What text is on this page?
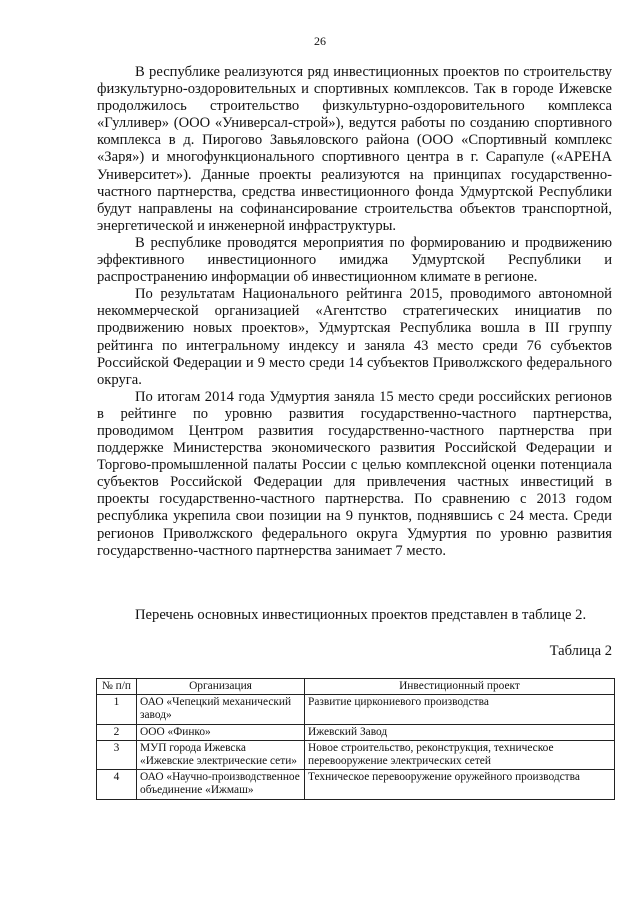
26

В республике реализуются ряд инвестиционных проектов по строительству физкультурно-оздоровительных и спортивных комплексов. Так в городе Ижевске продолжилось строительство физкультурно-оздоровительного комплекса «Гулливер» (ООО «Универсал-строй»), ведутся работы по созданию спортивного комплекса в д. Пирогово Завьяловского района (ООО «Спортивный комплекс «Заря») и многофункционального спортивного центра в г. Сарапуле («АРЕНА Университет»). Данные проекты реализуются на принципах государственно-частного партнерства, средства инвестиционного фонда Удмуртской Республики будут направлены на софинансирование строительства объектов транспортной, энергетической и инженерной инфраструктуры.

В республике проводятся мероприятия по формированию и продвижению эффективного инвестиционного имиджа Удмуртской Республики и распространению информации об инвестиционном климате в регионе.

По результатам Национального рейтинга 2015, проводимого автономной некоммерческой организацией «Агентство стратегических инициатив по продвижению новых проектов», Удмуртская Республика вошла в III группу рейтинга по интегральному индексу и заняла 43 место среди 76 субъектов Российской Федерации и 9 место среди 14 субъектов Приволжского федерального округа.

По итогам 2014 года Удмуртия заняла 15 место среди российских регионов в рейтинге по уровню развития государственно-частного партнерства, проводимом Центром развития государственно-частного партнерства при поддержке Министерства экономического развития Российской Федерации и Торгово-промышленной палаты России с целью комплексной оценки потенциала субъектов Российской Федерации для привлечения частных инвестиций в проекты государственно-частного партнерства. По сравнению с 2013 годом республика укрепила свои позиции на 9 пунктов, поднявшись с 24 места. Среди регионов Приволжского федерального округа Удмуртия по уровню развития государственно-частного партнерства занимает 7 место.

Перечень основных инвестиционных проектов представлен в таблице 2.

Таблица 2

№ п/п	Организация	Инвестиционный проект
1	ОАО «Чепецкий механический завод»	Развитие циркониевого производства
2	ООО «Финко»	Ижевский Завод
3	МУП города Ижевска «Ижевские электрические сети»	Новое строительство, реконструкция, техническое перевооружение электрических сетей
4	ОАО «Научно-производственное объединение «Ижмаш»	Техническое перевооружение оружейного производства
